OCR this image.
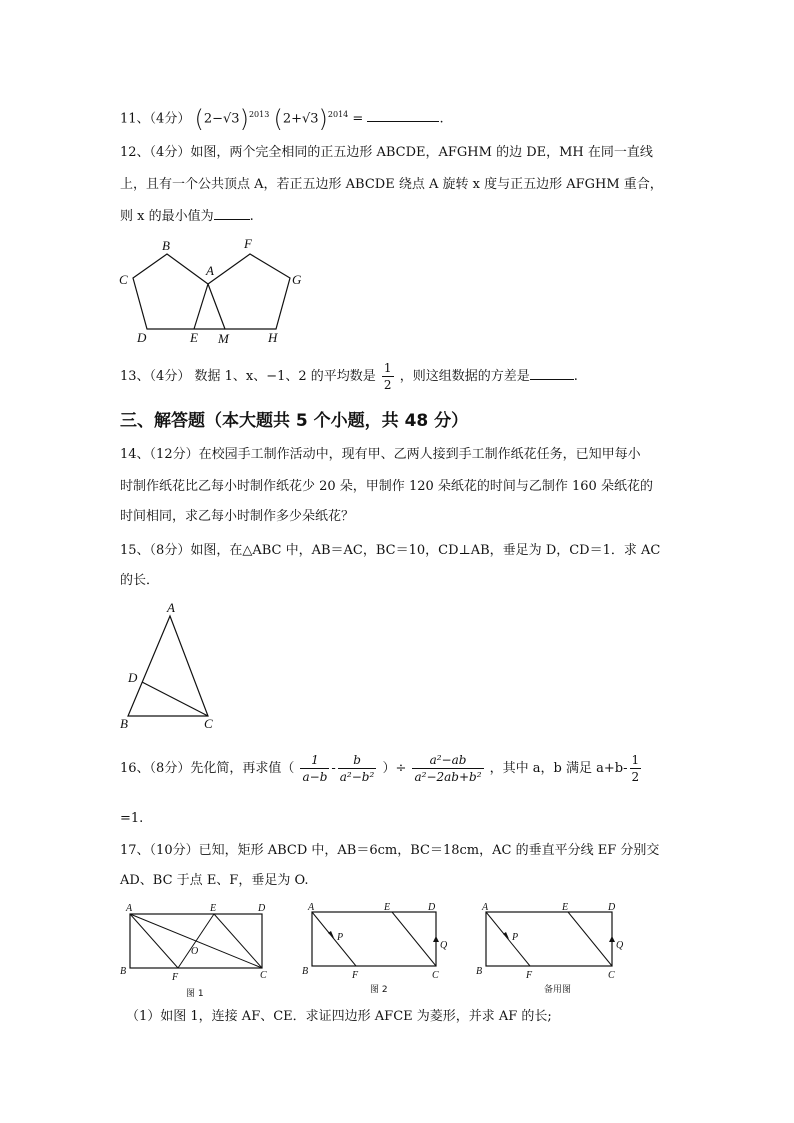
11、（4分） $(2-√3)^{2013}$ $(2+√3)^{2014}$ =	.
12、（4分）如图，两个完全相同的正五边形 ABCDE，AFGHM 的边 DE，MH 在同一直线
上，且有一个公共顶点 A，若正五边形 ABCDE 绕点 A 旋转 x 度与正五边形 AFGHM 重合，
则 x 的最小值为	.
B	F
A
C	G
D	E M	H
13、（4分） 数据 1、x、−1、2 的平均数是 $\frac{1}{2}$ ，则这组数据的方差是	.
三、解答题（本大题共 5 个小题，共 48 分）
14、（12分）在校园手工制作活动中，现有甲、乙两人接到手工制作纸花任务，已知甲每小
时制作纸花比乙每小时制作纸花少 20 朵，甲制作 120 朵纸花的时间与乙制作 160 朵纸花的
时间相同，求乙每小时制作多少朵纸花？
15、（8分）如图，在△ABC 中，AB＝AC，BC＝10，CD⊥AB，垂足为 D，CD＝1．求 AC
的长．
A
D
B	C
16、（8分）先化简，再求值（ $\frac{1}{a-b} - \frac{b}{\text{a²−b²}}$ ）÷ $\frac{\text{a²−ab}}{\text{a²−2ab+b²}}$ ，其中 a，b 满足 $a+b- \frac{1}{2}$
=1.
17、（10分）已知，矩形 ABCD 中，AB＝6cm，BC＝18cm，AC 的垂直平分线 EF 分别交
AD、BC 于点 E、F，垂足为 O.
A	E	D
O
B
F	C
图 1
A	E	D
P
Q
B	F	C
图 2
A	E	D
P
Q
B	F	C
备用图
（1）如图 1，连接 AF、CE．求证四边形 AFCE 为菱形，并求 AF 的长;
